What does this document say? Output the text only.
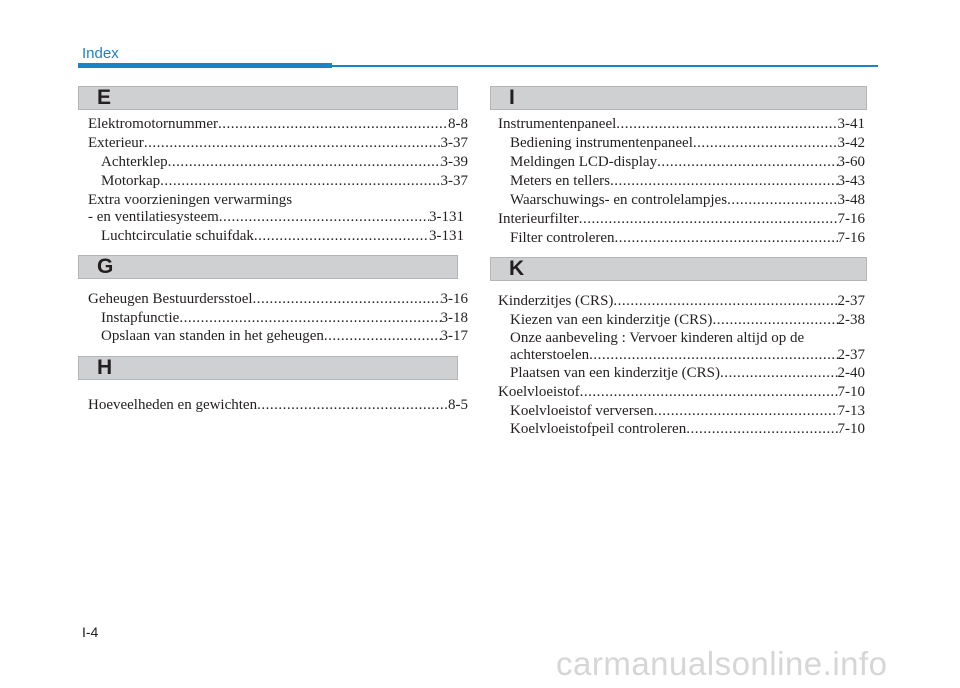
Index
E
Elektromotornummer .....	8-8
Exterieur .....	3-37
Achterklep .....	3-39
Motorkap .....	3-37
Extra voorzieningen verwarmings
- en ventilatiesysteem .....	3-131
Luchtcirculatie schuifdak .....	3-131
G
Geheugen Bestuurdersstoel .....	3-16
Instapfunctie .....	3-18
Opslaan van standen in het geheugen .....	3-17
H
Hoeveelheden en gewichten .....	8-5
I
Instrumentenpaneel .....	3-41
Bediening instrumentenpaneel .....	3-42
Meldingen LCD-display .....	3-60
Meters en tellers .....	3-43
Waarschuwings- en controlelampjes .....	3-48
Interieurfilter .....	7-16
Filter controleren .....	7-16
K
Kinderzitjes (CRS) .....	2-37
Kiezen van een kinderzitje (CRS) .....	2-38
Onze aanbeveling : Vervoer kinderen altijd op de
achterstoelen .....	2-37
Plaatsen van een kinderzitje (CRS) .....	2-40
Koelvloeistof .....	7-10
Koelvloeistof verversen .....	7-13
Koelvloeistofpeil controleren .....	7-10
I-4
carmanualsonline.info
